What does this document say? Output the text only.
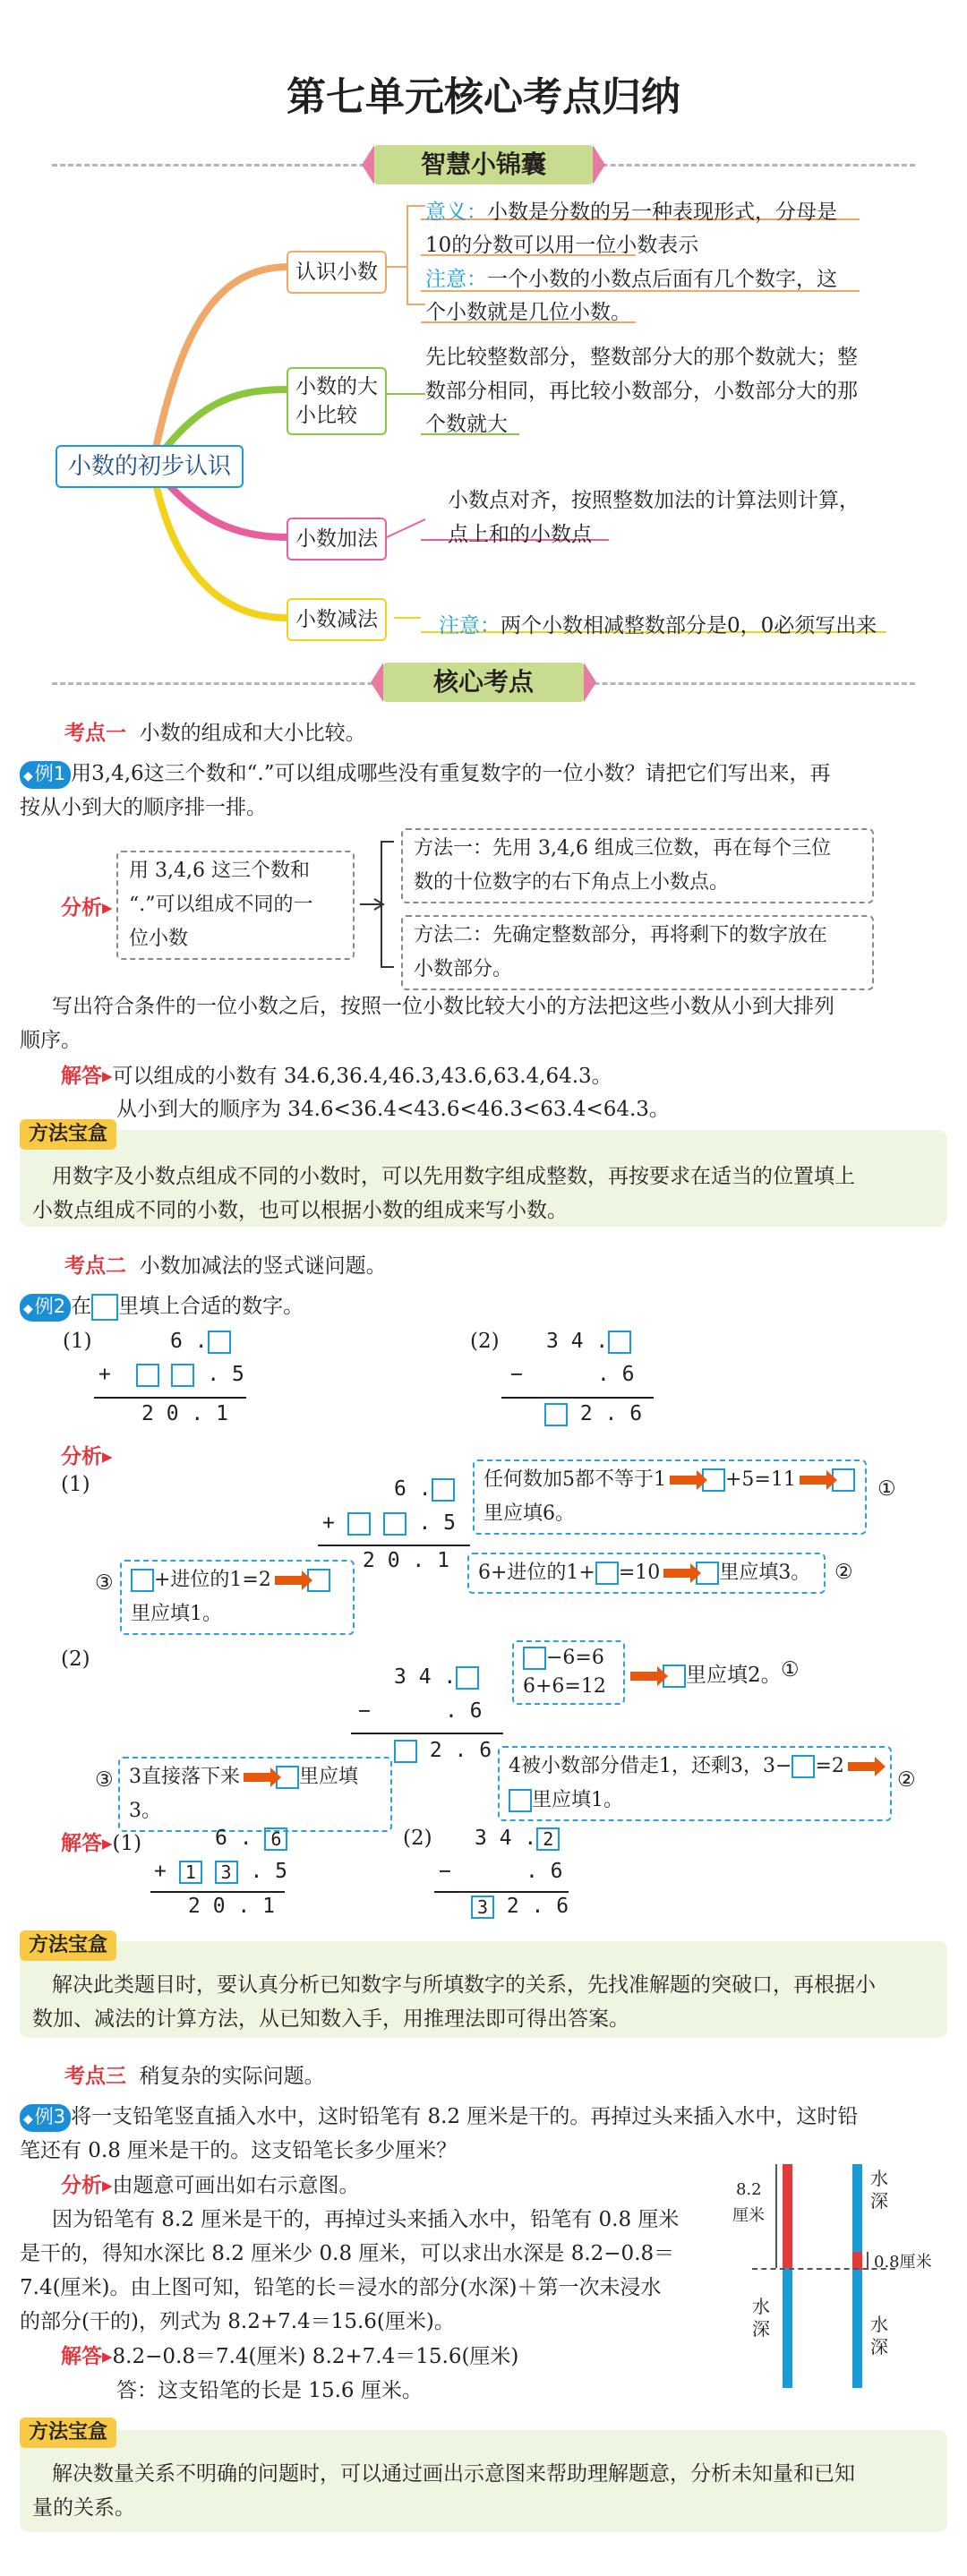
第七单元核心考点归纳
智慧小锦囊
小数的初步认识
认识小数
小数的大
小比较
小数加法
小数减法
意义：小数是分数的另一种表现形式，分母是
10的分数可以用一位小数表示
注意：一个小数的小数点后面有几个数字，这
个小数就是几位小数。
先比较整数部分，整数部分大的那个数就大；整
数部分相同，再比较小数部分，小数部分大的那
个数就大
小数点对齐，按照整数加法的计算法则计算，
点上和的小数点
注意：两个小数相减整数部分是0，0必须写出来
核心考点
考点一 小数的组成和大小比较。
◆ 例1 用3,4,6这三个数和“.”可以组成哪些没有重复数字的一位小数？请把它们写出来，再
按从小到大的顺序排一排。
分析▸
用 3,4,6 这三个数和
“.”可以组成不同的一
位小数
方法一：先用 3,4,6 组成三位数，再在每个三位
数的十位数字的右下角点上小数点。
方法二：先确定整数部分，再将剩下的数字放在
小数部分。
写出符合条件的一位小数之后，按照一位小数比较大小的方法把这些小数从小到大排列
顺序。
解答▸可以组成的小数有 34.6,36.4,46.3,43.6,63.4,64.3。
从小到大的顺序为 34.6<36.4<43.6<46.3<63.4<64.3。
方法宝盒
用数字及小数点组成不同的小数时，可以先用数字组成整数，再按要求在适当的位置填上
小数点组成不同的小数，也可以根据小数的组成来写小数。
考点二 小数加减法的竖式谜问题。
◆ 例2 在 里填上合适的数字。
(1)	6 .
+	. 5
2 0 . 1
(2) 3 4 .
−	. 6
2 . 6
分析▸
(1)	6 .
+	. 5
2 0 . 1
任何数加5都不等于1	+5=11
里应填6。
①
6+进位的1+ =10	里应填3。	②
③	+进位的1=2
里应填1。
(2)
3 4 .
−	. 6
2 . 6
−6=6
6+6=12	里应填2。 ①
③ 3直接落下来	里应填3。
4被小数部分借走1，还剩3，3− =2
里应填1。
②
解答▸(1)	6 . 6
+ 1 3 . 5
2 0 . 1
(2) 3 4 . 2
−	. 6
3 2 . 6
方法宝盒
解决此类题目时，要认真分析已知数字与所填数字的关系，先找准解题的突破口，再根据小
数加、减法的计算方法，从已知数入手，用推理法即可得出答案。
考点三 稍复杂的实际问题。
◆ 例3 将一支铅笔竖直插入水中，这时铅笔有 8.2 厘米是干的。再掉过头来插入水中，这时铅
笔还有 0.8 厘米是干的。这支铅笔长多少厘米？
分析▸由题意可画出如右示意图。
因为铅笔有 8.2 厘米是干的，再掉过头来插入水中，铅笔有 0.8 厘米
是干的，得知水深比 8.2 厘米少 0.8 厘米，可以求出水深是 8.2−0.8＝
7.4(厘米)。由上图可知，铅笔的长＝浸水的部分(水深)＋第一次未浸水
的部分(干的)，列式为 8.2+7.4＝15.6(厘米)。
解答▸8.2−0.8＝7.4(厘米) 8.2+7.4＝15.6(厘米)
答：这支铅笔的长是 15.6 厘米。
8.2
厘米
水
深
0.8厘米
水
深	水
深
方法宝盒
解决数量关系不明确的问题时，可以通过画出示意图来帮助理解题意，分析未知量和已知
量的关系。
